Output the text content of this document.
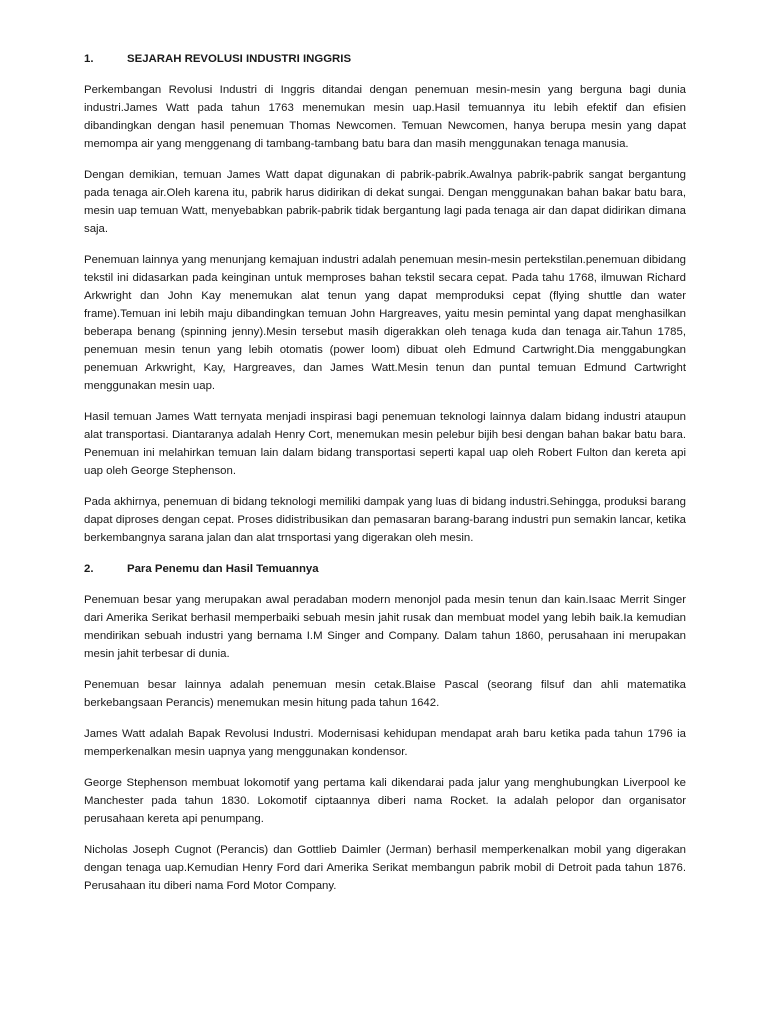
1.	SEJARAH REVOLUSI INDUSTRI INGGRIS

Perkembangan Revolusi Industri di Inggris ditandai dengan penemuan mesin-mesin yang berguna bagi dunia industri.James Watt pada tahun 1763 menemukan mesin uap.Hasil temuannya itu lebih efektif dan efisien dibandingkan dengan hasil penemuan Thomas Newcomen. Temuan Newcomen, hanya berupa mesin yang dapat memompa air yang menggenang di tambang-tambang batu bara dan masih menggunakan tenaga manusia.

Dengan demikian, temuan James Watt dapat digunakan di pabrik-pabrik.Awalnya pabrik-pabrik sangat bergantung pada tenaga air.Oleh karena itu, pabrik harus didirikan di dekat sungai. Dengan menggunakan bahan bakar batu bara, mesin uap temuan Watt, menyebabkan pabrik-pabrik tidak bergantung lagi pada tenaga air dan dapat didirikan dimana saja.

Penemuan lainnya yang menunjang kemajuan industri adalah penemuan mesin-mesin pertekstilan.penemuan dibidang tekstil ini didasarkan pada keinginan untuk memproses bahan tekstil secara cepat. Pada tahu 1768, ilmuwan Richard Arkwright dan John Kay menemukan alat tenun yang dapat memproduksi cepat (flying shuttle dan water frame).Temuan ini lebih maju dibandingkan temuan John Hargreaves, yaitu mesin pemintal yang dapat menghasilkan beberapa benang (spinning jenny).Mesin tersebut masih digerakkan oleh tenaga kuda dan tenaga air.Tahun 1785, penemuan mesin tenun yang lebih otomatis (power loom) dibuat oleh Edmund Cartwright.Dia menggabungkan penemuan Arkwright, Kay, Hargreaves, dan James Watt.Mesin tenun dan puntal temuan Edmund Cartwright menggunakan mesin uap.

Hasil temuan James Watt ternyata menjadi inspirasi bagi penemuan teknologi lainnya dalam bidang industri ataupun alat transportasi. Diantaranya adalah Henry Cort, menemukan mesin pelebur bijih besi dengan bahan bakar batu bara. Penemuan ini melahirkan temuan lain dalam bidang transportasi seperti kapal uap oleh Robert Fulton dan kereta api uap oleh George Stephenson.

Pada akhirnya, penemuan di bidang teknologi memiliki dampak yang luas di bidang industri.Sehingga, produksi barang dapat diproses dengan cepat. Proses didistribusikan dan pemasaran barang-barang industri pun semakin lancar, ketika berkembangnya sarana jalan dan alat trnsportasi yang digerakan oleh mesin.

2.	Para Penemu dan Hasil Temuannya

Penemuan besar yang merupakan awal peradaban modern menonjol pada mesin tenun dan kain.Isaac Merrit Singer dari Amerika Serikat berhasil memperbaiki sebuah mesin jahit rusak dan membuat model yang lebih baik.Ia kemudian mendirikan sebuah industri yang bernama I.M Singer and Company. Dalam tahun 1860, perusahaan ini merupakan mesin jahit terbesar di dunia.

Penemuan besar lainnya adalah penemuan mesin cetak.Blaise Pascal (seorang filsuf dan ahli matematika berkebangsaan Perancis) menemukan mesin hitung pada tahun 1642.

James Watt adalah Bapak Revolusi Industri. Modernisasi kehidupan mendapat arah baru ketika pada tahun 1796 ia memperkenalkan mesin uapnya yang menggunakan kondensor.

George Stephenson membuat lokomotif yang pertama kali dikendarai pada jalur yang menghubungkan Liverpool ke Manchester pada tahun 1830. Lokomotif ciptaannya diberi nama Rocket. Ia adalah pelopor dan organisator perusahaan kereta api penumpang.

Nicholas Joseph Cugnot (Perancis) dan Gottlieb Daimler (Jerman) berhasil memperkenalkan mobil yang digerakan dengan tenaga uap.Kemudian Henry Ford dari Amerika Serikat membangun pabrik mobil di Detroit pada tahun 1876. Perusahaan itu diberi nama Ford Motor Company.
